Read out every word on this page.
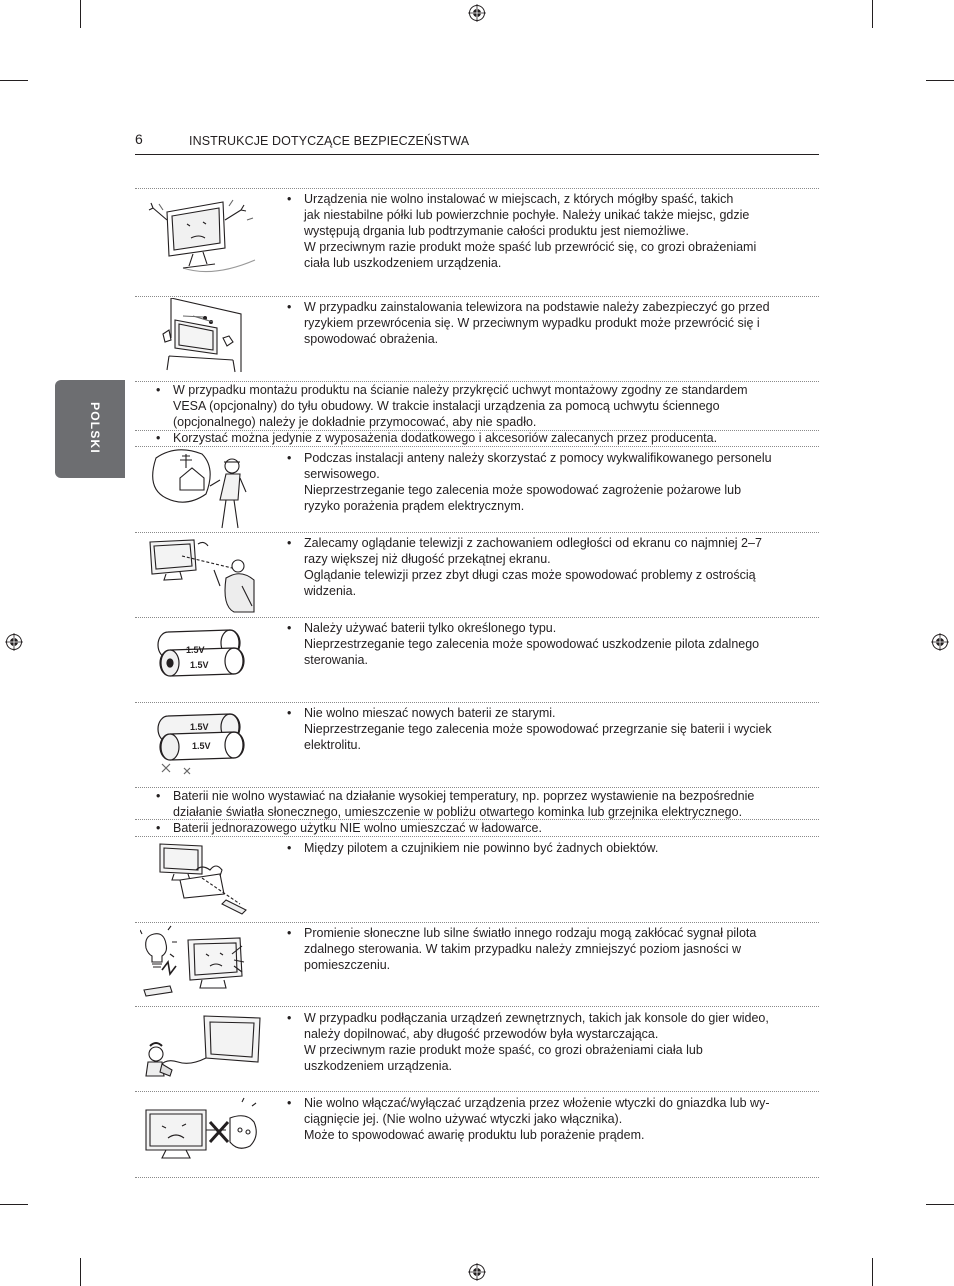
6	INSTRUKCJE DOTYCZĄCE BEZPIECZEŃSTWA
POLSKI
1.5V
1.5V
1.5V
1.5V
• Urządzenia nie wolno instalować w miejscach, z których mógłby spaść, takich
jak niestabilne półki lub powierzchnie pochyłe. Należy unikać także miejsc, gdzie
występują drgania lub podtrzymanie całości produktu jest niemożliwe.
W przeciwnym razie produkt może spaść lub przewrócić się, co grozi obrażeniami
ciała lub uszkodzeniem urządzenia.
• W przypadku zainstalowania telewizora na podstawie należy zabezpieczyć go przed
ryzykiem przewrócenia się. W przeciwnym wypadku produkt może przewrócić się i
spowodować obrażenia.
• W przypadku montażu produktu na ścianie należy przykręcić uchwyt montażowy zgodny ze standardem
VESA (opcjonalny) do tyłu obudowy. W trakcie instalacji urządzenia za pomocą uchwytu ściennego
(opcjonalnego) należy je dokładnie przymocować, aby nie spadło.
• Korzystać można jedynie z wyposażenia dodatkowego i akcesoriów zalecanych przez producenta.
• Podczas instalacji anteny należy skorzystać z pomocy wykwalifikowanego personelu
serwisowego.
Nieprzestrzeganie tego zalecenia może spowodować zagrożenie pożarowe lub
ryzyko porażenia prądem elektrycznym.
• Zalecamy oglądanie telewizji z zachowaniem odległości od ekranu co najmniej 2–7
razy większej niż długość przekątnej ekranu.
Oglądanie telewizji przez zbyt długi czas może spowodować problemy z ostrością
widzenia.
• Należy używać baterii tylko określonego typu.
Nieprzestrzeganie tego zalecenia może spowodować uszkodzenie pilota zdalnego
sterowania.
• Nie wolno mieszać nowych baterii ze starymi.
Nieprzestrzeganie tego zalecenia może spowodować przegrzanie się baterii i wyciek
elektrolitu.
• Baterii nie wolno wystawiać na działanie wysokiej temperatury, np. poprzez wystawienie na bezpośrednie
działanie światła słonecznego, umieszczenie w pobliżu otwartego kominka lub grzejnika elektrycznego.
• Baterii jednorazowego użytku NIE wolno umieszczać w ładowarce.
• Między pilotem a czujnikiem nie powinno być żadnych obiektów.
• Promienie słoneczne lub silne światło innego rodzaju mogą zakłócać sygnał pilota
zdalnego sterowania. W takim przypadku należy zmniejszyć poziom jasności w
pomieszczeniu.
• W przypadku podłączania urządzeń zewnętrznych, takich jak konsole do gier wideo,
należy dopilnować, aby długość przewodów była wystarczająca.
W przeciwnym razie produkt może spaść, co grozi obrażeniami ciała lub
uszkodzeniem urządzenia.
• Nie wolno włączać/wyłączać urządzenia przez włożenie wtyczki do gniazdka lub wy-
ciągnięcie jej. (Nie wolno używać wtyczki jako włącznika).
Może to spowodować awarię produktu lub porażenie prądem.
